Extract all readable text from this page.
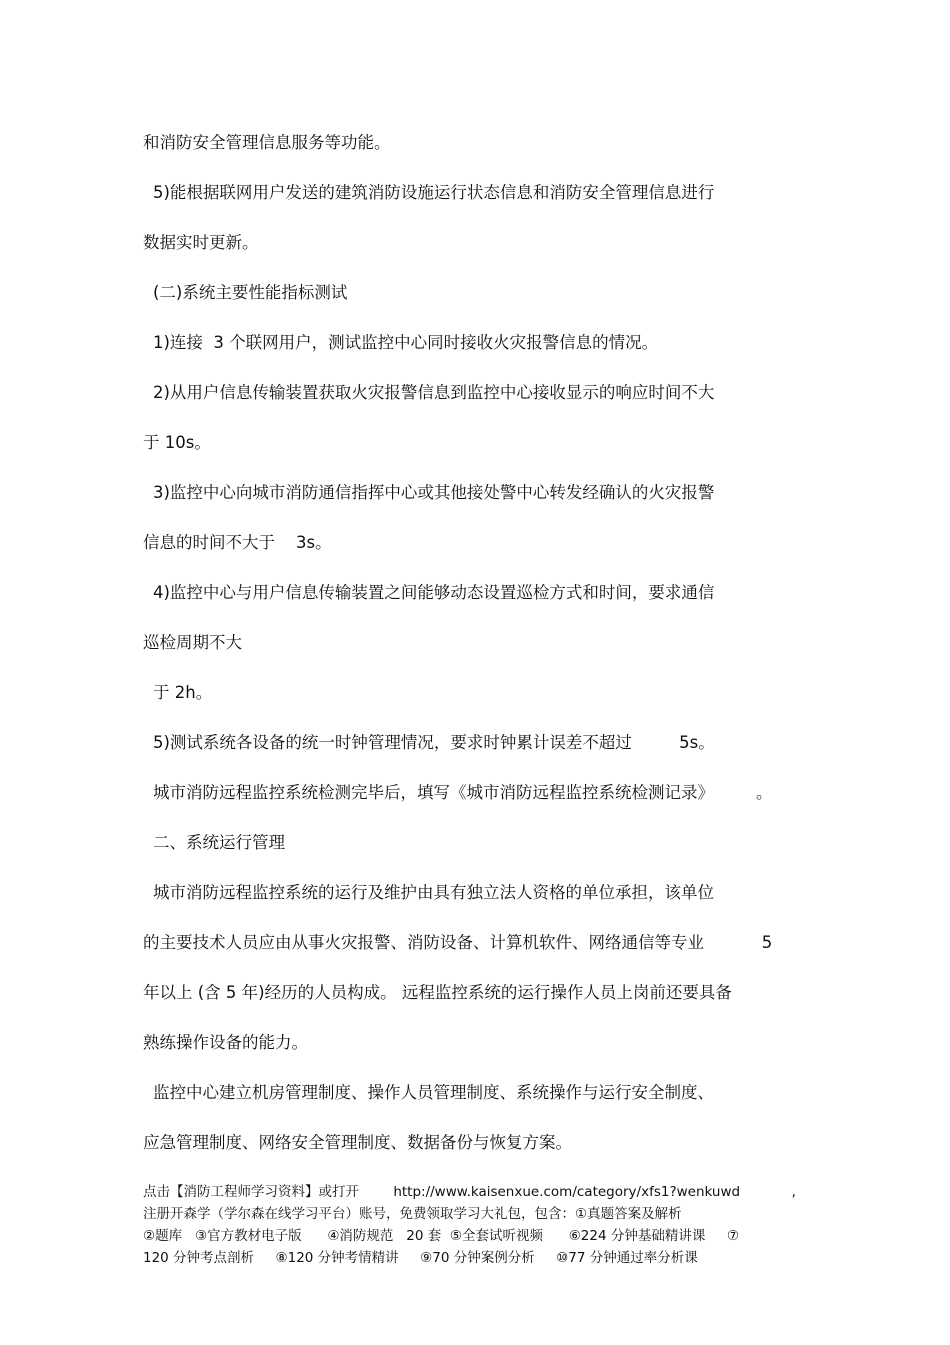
和消防安全管理信息服务等功能。
5)能根据联网用户发送的建筑消防设施运行状态信息和消防安全管理信息进行
数据实时更新。
(二)系统主要性能指标测试
1)连接  3 个联网用户，测试监控中心同时接收火灾报警信息的情况。
2)从用户信息传输装置获取火灾报警信息到监控中心接收显示的响应时间不大
于 10s。
3)监控中心向城市消防通信指挥中心或其他接处警中心转发经确认的火灾报警
信息的时间不大于    3s。
4)监控中心与用户信息传输装置之间能够动态设置巡检方式和时间，要求通信
巡检周期不大
于 2h。
5)测试系统各设备的统一时钟管理情况，要求时钟累计误差不超过         5s。
城市消防远程监控系统检测完毕后，填写《城市消防远程监控系统检测记录》        。
二、系统运行管理
城市消防远程监控系统的运行及维护由具有独立法人资格的单位承担，该单位
的主要技术人员应由从事火灾报警、消防设备、计算机软件、网络通信等专业           5
年以上 (含 5 年)经历的人员构成。 远程监控系统的运行操作人员上岗前还要具备
熟练操作设备的能力。
监控中心建立机房管理制度、操作人员管理制度、系统操作与运行安全制度、
应急管理制度、网络安全管理制度、数据备份与恢复方案。
点击【消防工程师学习资料】或打开        http://www.kaisenxue.com/category/xfs1?wenkuwd            ,
注册开森学（学尔森在线学习平台）账号，免费领取学习大礼包，包含：①真题答案及解析
②题库   ③官方教材电子版      ④消防规范   20 套  ⑤全套试听视频      ⑥224 分钟基础精讲课     ⑦
120 分钟考点剖析     ⑧120 分钟考情精讲     ⑨70 分钟案例分析     ⑩77 分钟通过率分析课
